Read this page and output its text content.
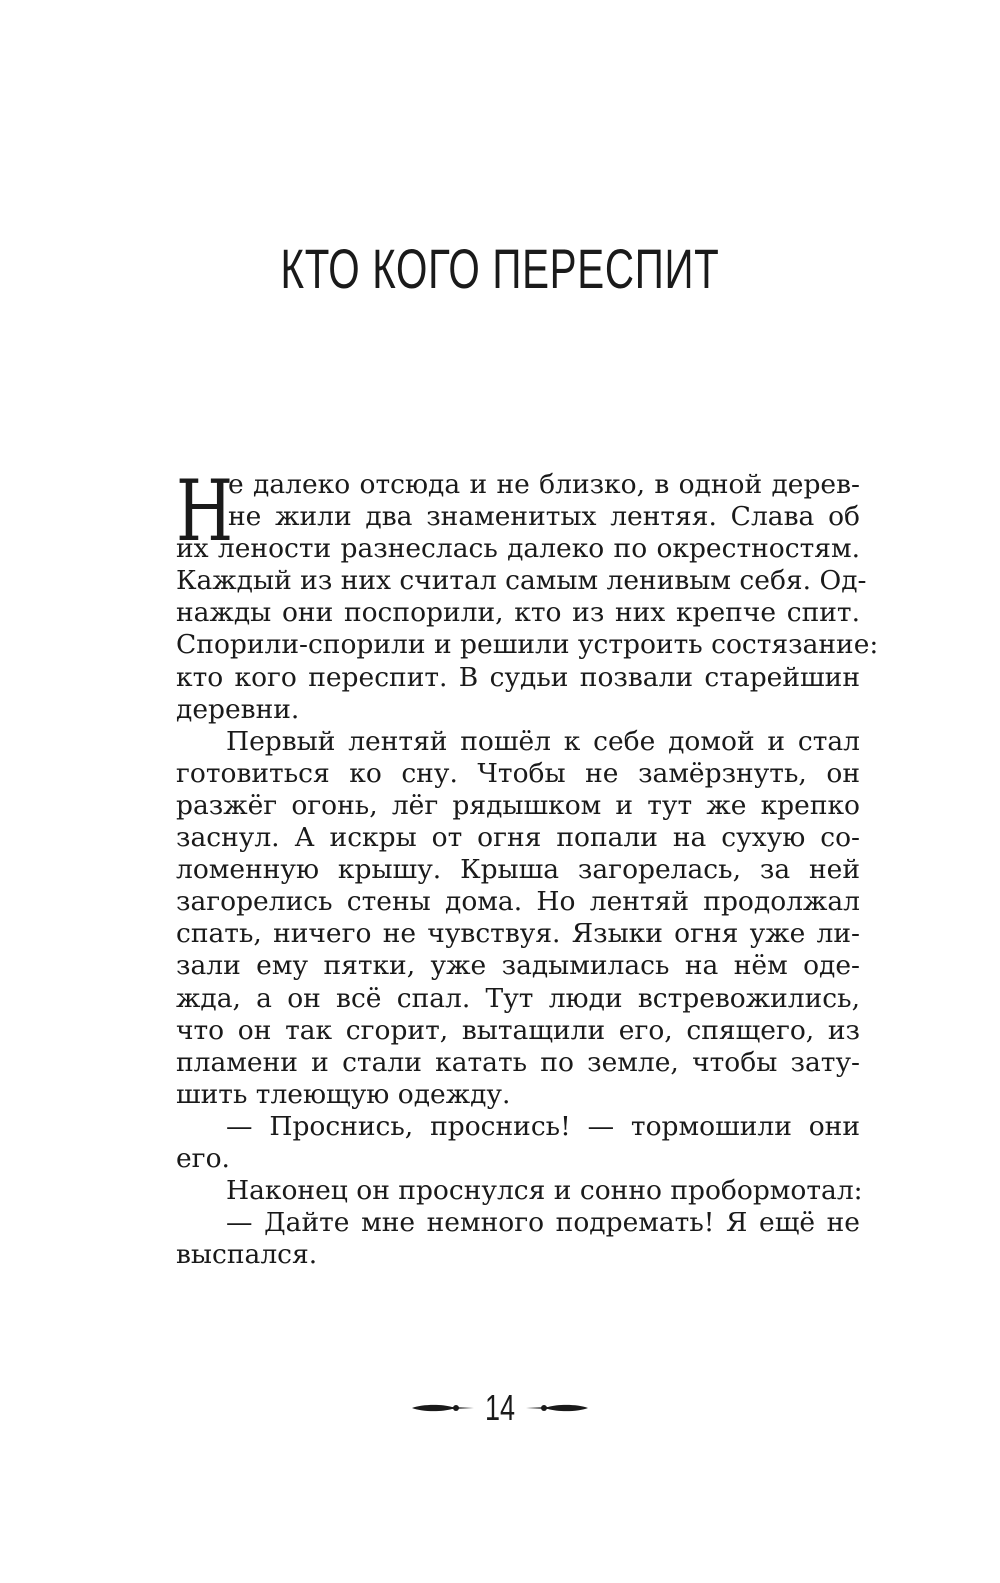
КТО КОГО ПЕРЕСПИТ
Н
е далеко отсюда и не близко, в одной дерев-
не жили два знаменитых лентяя. Слава об
их лености разнеслась далеко по окрестностям.
Каждый из них считал самым ленивым себя. Од-
нажды они поспорили, кто из них крепче спит.
Спорили-спорили и решили устроить состязание:
кто кого переспит. В судьи позвали старейшин
деревни.
Первый лентяй пошёл к себе домой и стал
готовиться ко сну. Чтобы не замёрзнуть, он
разжёг огонь, лёг рядышком и тут же крепко
заснул. А искры от огня попали на сухую со-
ломенную крышу. Крыша загорелась, за ней
загорелись стены дома. Но лентяй продолжал
спать, ничего не чувствуя. Языки огня уже ли-
зали ему пятки, уже задымилась на нём оде-
жда, а он всё спал. Тут люди встревожились,
что он так сгорит, вытащили его, спящего, из
пламени и стали катать по земле, чтобы зату-
шить тлеющую одежду.
— Проснись, проснись! — тормошили они
его.
Наконец он проснулся и сонно пробормотал:
— Дайте мне немного подремать! Я ещё не
выспался.
14
